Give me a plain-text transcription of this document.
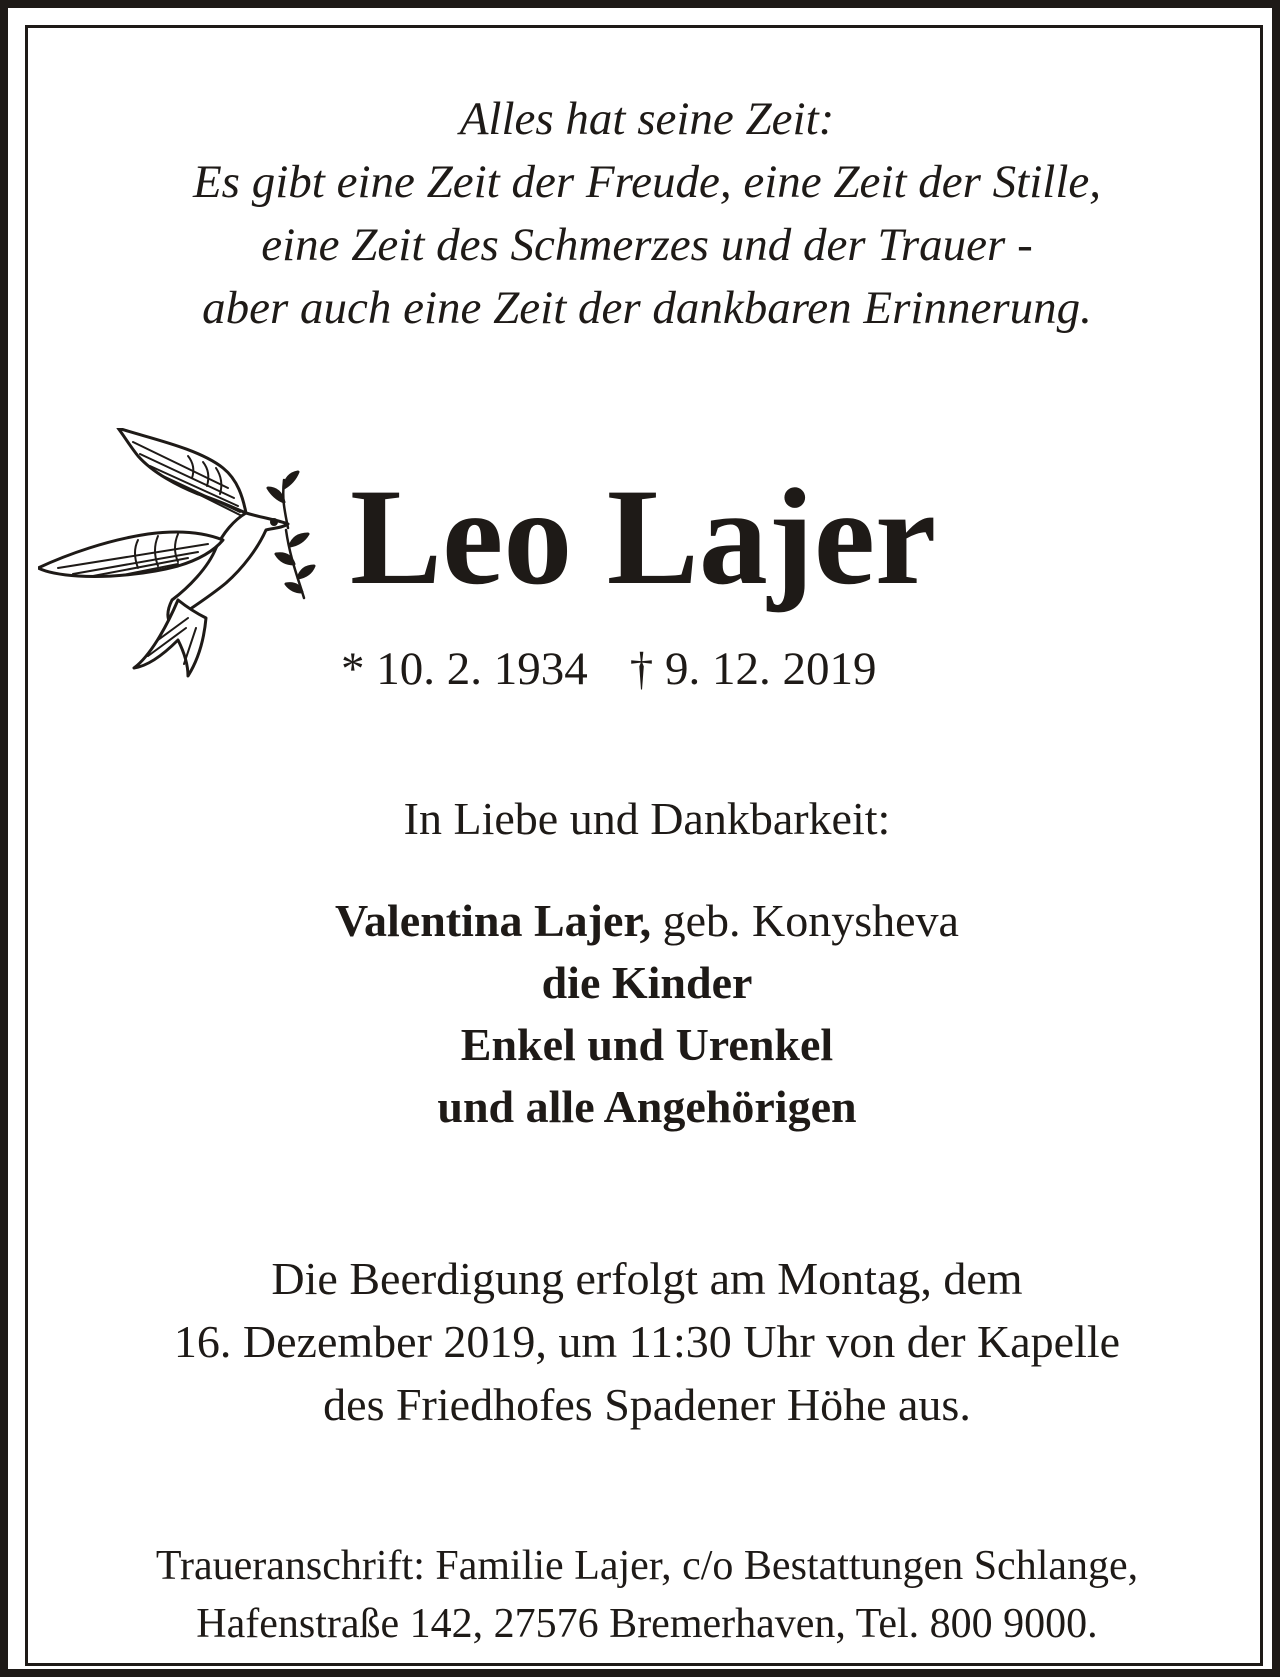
Alles hat seine Zeit:
Es gibt eine Zeit der Freude, eine Zeit der Stille,
eine Zeit des Schmerzes und der Trauer -
aber auch eine Zeit der dankbaren Erinnerung.
Leo Lajer
* 10. 2. 1934 † 9. 12. 2019
In Liebe und Dankbarkeit:
Valentina Lajer, geb. Konysheva
die Kinder
Enkel und Urenkel
und alle Angehörigen
Die Beerdigung erfolgt am Montag, dem
16. Dezember 2019, um 11:30 Uhr von der Kapelle
des Friedhofes Spadener Höhe aus.
Traueranschrift: Familie Lajer, c/o Bestattungen Schlange,
Hafenstraße 142, 27576 Bremerhaven, Tel. 800 9000.
